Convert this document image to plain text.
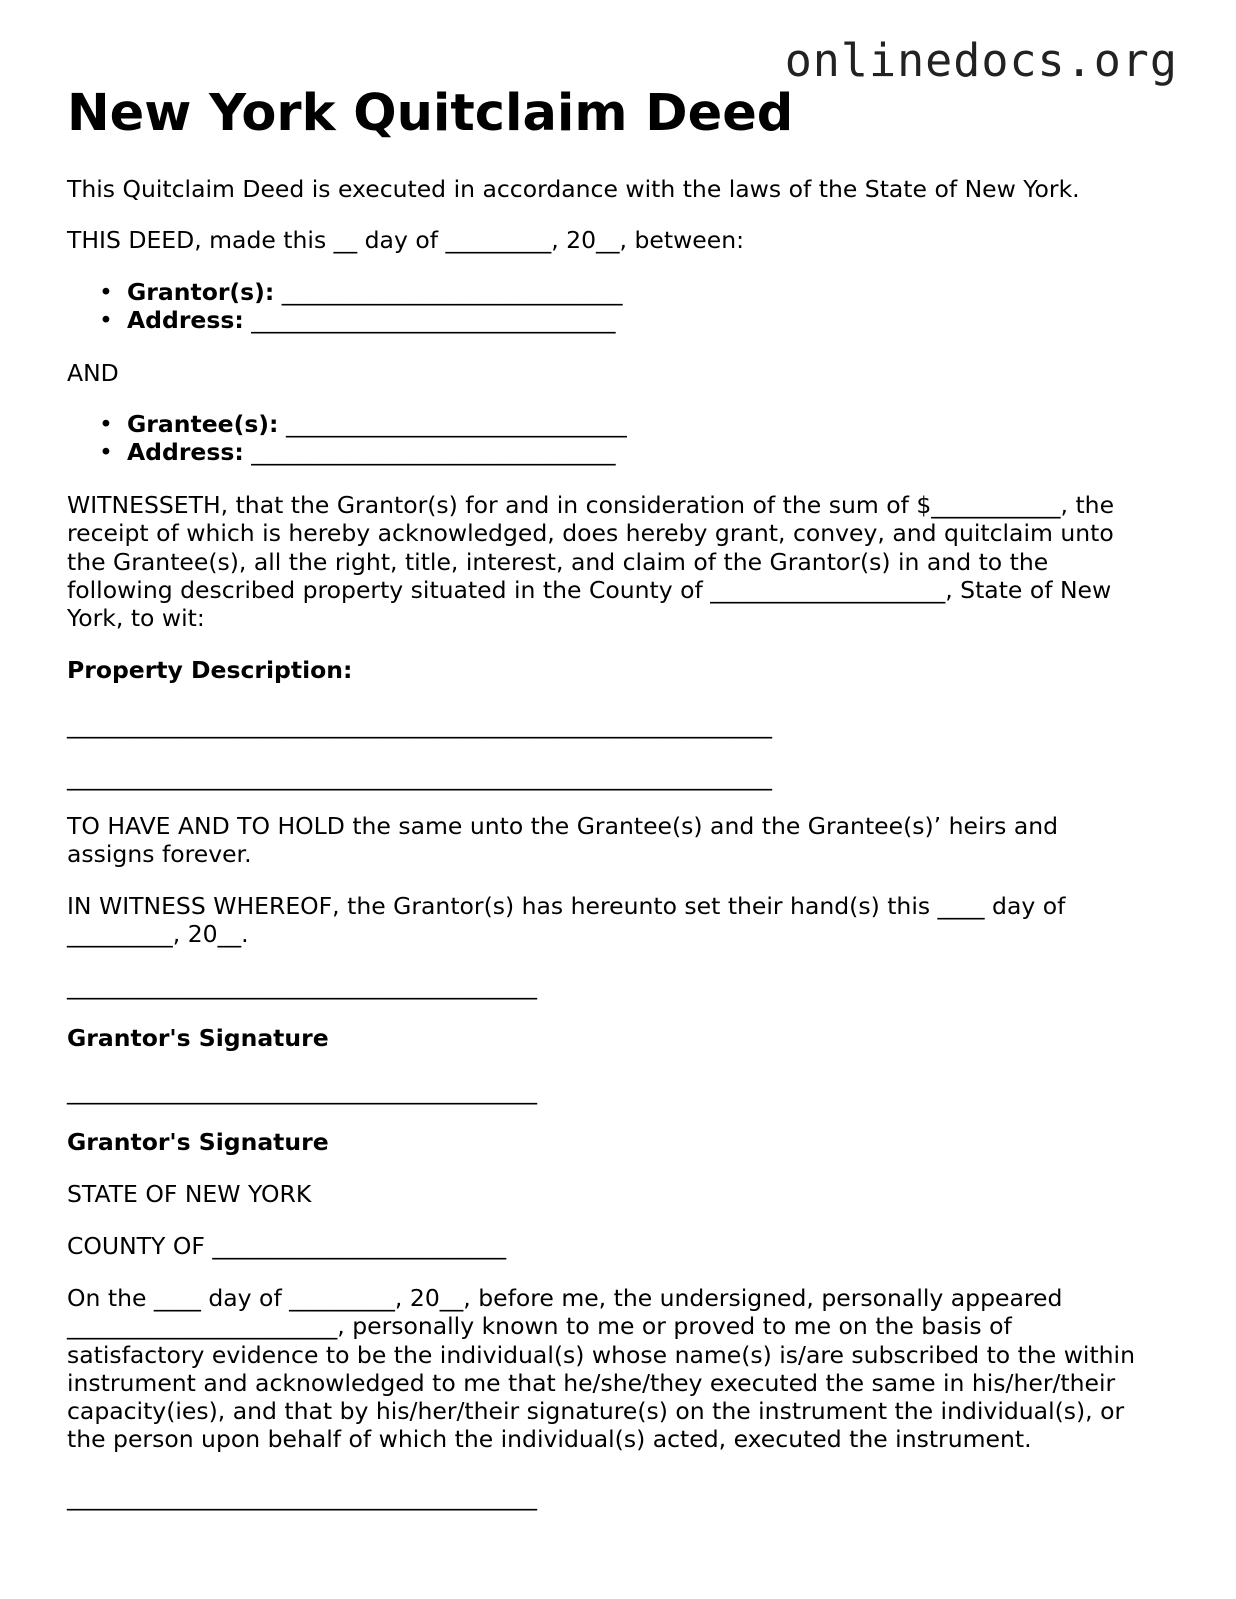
onlinedocs.org
New York Quitclaim Deed

This Quitclaim Deed is executed in accordance with the laws of the State of New York.

THIS DEED, made this __ day of _________, 20__, between:

• Grantor(s): _____________________________
• Address: _______________________________

AND

• Grantee(s): _____________________________
• Address: _______________________________

WITNESSETH, that the Grantor(s) for and in consideration of the sum of $___________, the receipt of which is hereby acknowledged, does hereby grant, convey, and quitclaim unto the Grantee(s), all the right, title, interest, and claim of the Grantor(s) in and to the following described property situated in the County of ____________________, State of New York, to wit:

Property Description:

____________________________________________________________

____________________________________________________________

TO HAVE AND TO HOLD the same unto the Grantee(s) and the Grantee(s)’ heirs and assigns forever.

IN WITNESS WHEREOF, the Grantor(s) has hereunto set their hand(s) this ____ day of _________, 20__.

________________________________________

Grantor's Signature

________________________________________

Grantor's Signature

STATE OF NEW YORK

COUNTY OF _________________________

On the ____ day of _________, 20__, before me, the undersigned, personally appeared _______________________, personally known to me or proved to me on the basis of satisfactory evidence to be the individual(s) whose name(s) is/are subscribed to the within instrument and acknowledged to me that he/she/they executed the same in his/her/their capacity(ies), and that by his/her/their signature(s) on the instrument the individual(s), or the person upon behalf of which the individual(s) acted, executed the instrument.

________________________________________
